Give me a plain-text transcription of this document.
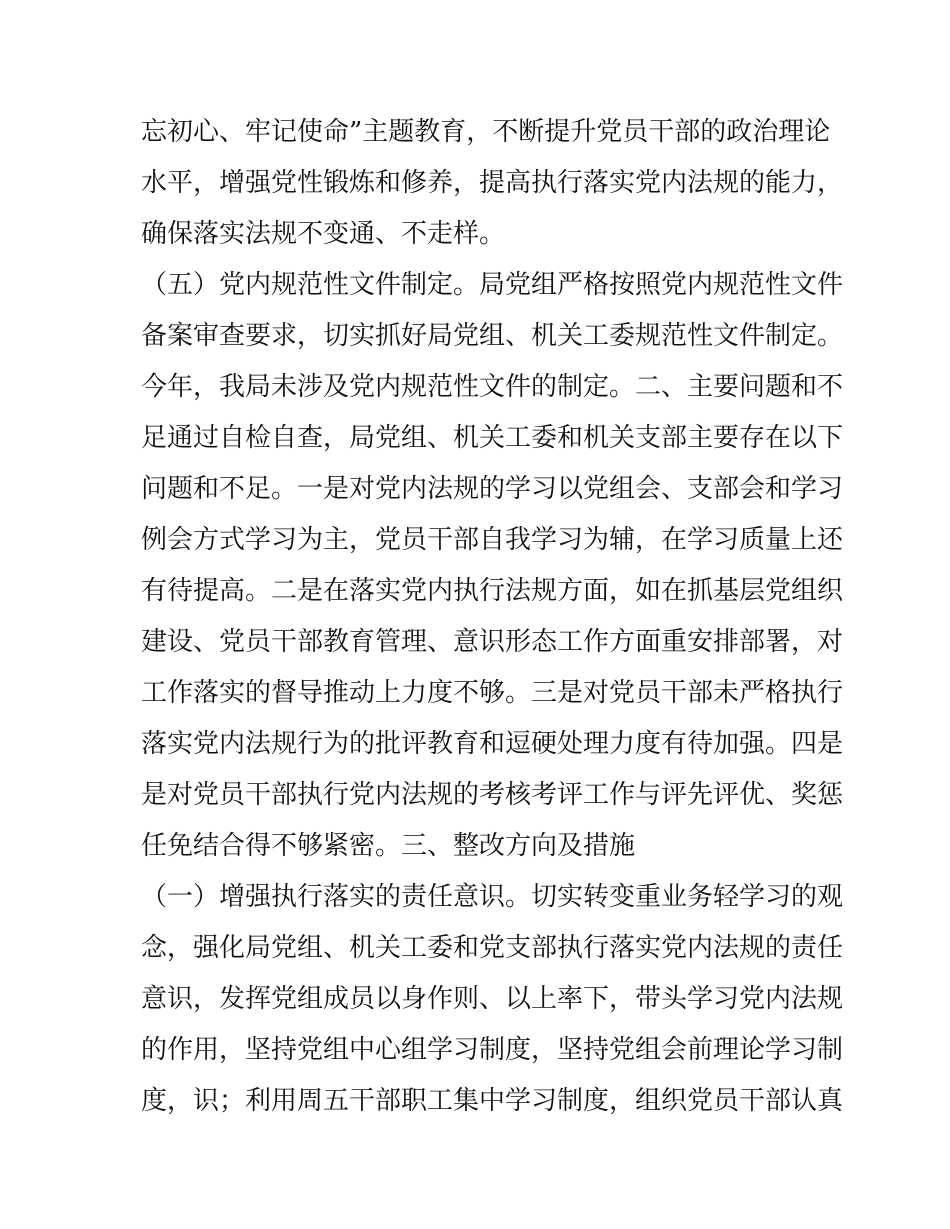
忘初心、牢记使命”主题教育，不断提升党员干部的政治理论
水平，增强党性锻炼和修养，提高执行落实党内法规的能力，
确保落实法规不变通、不走样。
（五）党内规范性文件制定。局党组严格按照党内规范性文件
备案审查要求，切实抓好局党组、机关工委规范性文件制定。
今年，我局未涉及党内规范性文件的制定。二、主要问题和不
足通过自检自查，局党组、机关工委和机关支部主要存在以下
问题和不足。一是对党内法规的学习以党组会、支部会和学习
例会方式学习为主，党员干部自我学习为辅，在学习质量上还
有待提高。二是在落实党内执行法规方面，如在抓基层党组织
建设、党员干部教育管理、意识形态工作方面重安排部署，对
工作落实的督导推动上力度不够。三是对党员干部未严格执行
落实党内法规行为的批评教育和逗硬处理力度有待加强。四是
是对党员干部执行党内法规的考核考评工作与评先评优、奖惩
任免结合得不够紧密。三、整改方向及措施
（一）增强执行落实的责任意识。切实转变重业务轻学习的观
念，强化局党组、机关工委和党支部执行落实党内法规的责任
意识，发挥党组成员以身作则、以上率下，带头学习党内法规
的作用，坚持党组中心组学习制度，坚持党组会前理论学习制
度，识；利用周五干部职工集中学习制度，组织党员干部认真
